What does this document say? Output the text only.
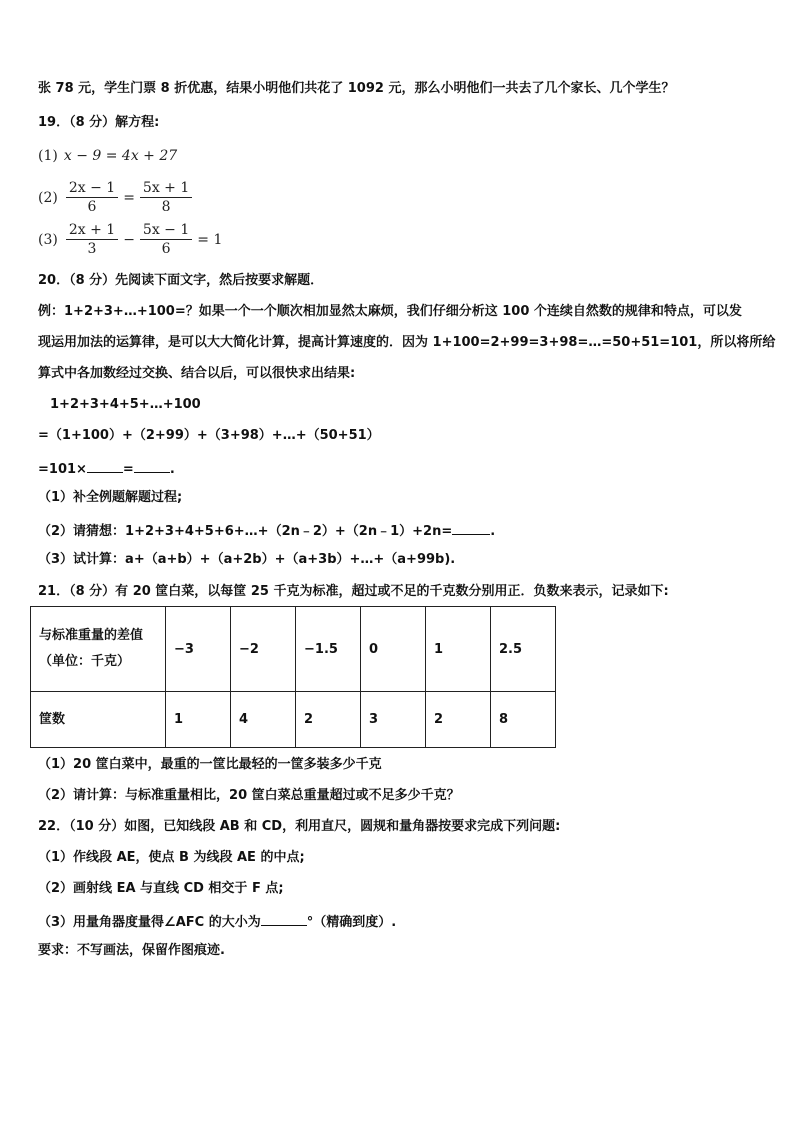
张 78 元，学生门票 8 折优惠，结果小明他们共花了 1092 元，那么小明他们一共去了几个家长、几个学生？
19．（8 分）解方程:
(1) x − 9 = 4x + 27
$(2) \frac{2x - 1}{6} = \frac{5x + 1}{8}$
$(3) \frac{2x + 1}{3} - \frac{5x - 1}{6} = 1$
20．（8 分）先阅读下面文字，然后按要求解题．
例：1+2+3+…+100=？如果一个一个顺次相加显然太麻烦，我们仔细分析这 100 个连续自然数的规律和特点，可以发
现运用加法的运算律，是可以大大简化计算，提高计算速度的．因为 1+100=2+99=3+98=…=50+51=101，所以将所给
算式中各加数经过交换、结合以后，可以很快求出结果:
1+2+3+4+5+…+100
=（1+100）+（2+99）+（3+98）+…+（50+51）
=101×	=	.
（1）补全例题解题过程;
（2）请猜想：1+2+3+4+5+6+…+（2n﹣2）+（2n﹣1）+2n=	.
（3）试计算：a+（a+b）+（a+2b）+（a+3b）+…+（a+99b).
21．（8 分）有 20 筐白菜，以每筐 25 千克为标准，超过或不足的千克数分别用正．负数来表示，记录如下:
与标准重量的差值
（单位：千克）	−3	−2	−1.5	0	1	2.5
筐数	1	4	2	3	2	8
（1）20 筐白菜中，最重的一筐比最轻的一筐多装多少千克
（2）请计算：与标准重量相比，20 筐白菜总重量超过或不足多少千克？
22．（10 分）如图，已知线段 AB 和 CD，利用直尺，圆规和量角器按要求完成下列问题:
（1）作线段 AE，使点 B 为线段 AE 的中点;
（2）画射线 EA 与直线 CD 相交于 F 点;
（3）用量角器度量得∠AFC 的大小为	°（精确到度）.
要求：不写画法，保留作图痕迹.
